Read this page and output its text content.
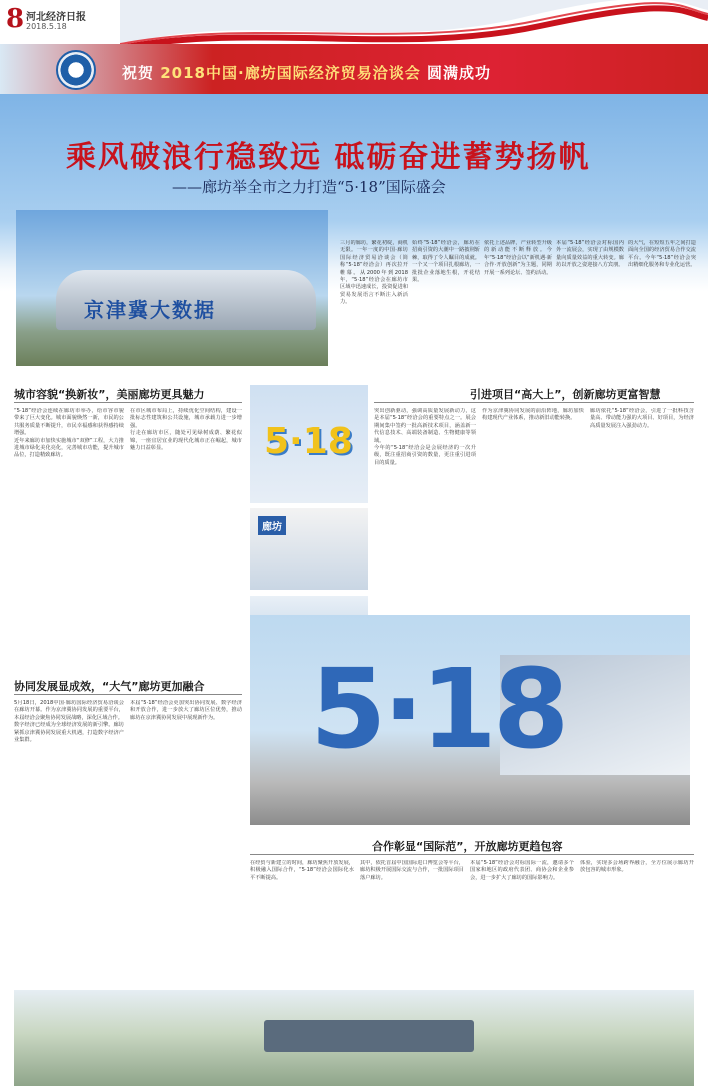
8 河北经济日报
2018.5.18
祝贺 2018中国·廊坊国际经济贸易洽谈会 圆满成功
乘风破浪行稳致远 砥砺奋进蓄势扬帆
——廊坊举全市之力打造“5·18”国际盛会
京津冀大数据
三月的廊坊，繁花初绽，商机无限。一年一度的中国·廊坊国际经济贸易洽谈会（简称“5·18”经洽会）再次拉开帷幕。从2000年到2018年，“5·18”经洽会在廊坊市区域中迅速成长，投资促进和贸易发展语言不断注入新活力。
始终“5·18”经洽会，廊坊在招商引资的大潮中一路披荆斩棘，取得了令人瞩目的成就。一个又一个项目扎根廊坊，一批批企业落地生根，开花结果。
依托上述品牌，产业转型升级的新动能不断释放。今年“5·18”经洽会以“新机遇·新合作·开放创新”为主题，同期开展一系列论坛、签约活动。
本届“5·18”经洽会对标国内外一流展会，实现了由规模数量向质量效益的重大转变。廊坊以开放之姿迎接八方宾朋。
的大气，在短短五年之间打造面向全国的经济贸易合作交流平台。今年“5·18”经洽会突出精细化服务和专业化运营。
城市容貌“换新妆”，美丽廊坊更具魅力

“5·18”经洽会连续在廊坊市举办，给市容市貌带来了巨大变化。城市面貌焕然一新，市民的公共服务质量不断提升，市民幸福感和获得感持续增强。

近年来廊坊市加快实施城市“双修”工程，大力推进城市绿化美化亮化，完善城市功能，提升城市品位，打造精致廊坊。

在市区城市布局上，持续优化空间结构，建设一批标志性建筑和公共设施，城市承载力进一步增强。

行走在廊坊市区，随处可见绿树成荫、繁花似锦，一座宜居宜业的现代化城市正在崛起，城市魅力日益彰显。

协同发展显成效，“大气”廊坊更加融合

5月18日，2018中国·廊坊国际经济贸易洽谈会在廊坊开幕。作为京津冀协同发展的重要平台，本届经洽会聚焦协同发展战略，深化区域合作。

数字经济已经成为全球经济发展的新引擎。廊坊紧抓京津冀协同发展重大机遇，打造数字经济产业集群。

本届“5·18”经洽会更加突出协同发展、数字经济和开放合作，进一步放大了廊坊区位优势，推动廊坊在京津冀协同发展中展现新作为。

5·18
廊坊
引进项目“高大上”，创新廊坊更富智慧

突出创新驱动，强调高质量发展新动力，这是本届“5·18”经洽会的重要特点之一。展会期间集中签约一批高新技术项目，涵盖新一代信息技术、高端装备制造、生物健康等领域。

今年的“5·18”经洽会是会展经济的一次升级，既注重招商引资的数量，更注重引进项目的质量。

作为京津冀协同发展的前沿阵地，廊坊加快构建现代产业体系，推动新旧动能转换。

廊坊依托“5·18”经洽会，引进了一批科技含量高、带动能力强的大项目、好项目，为经济高质量发展注入强劲动力。

5·18
合作彰显“国际范”，开放廊坊更趋包容

在经贸与新建立的时间，廊坊聚焦开放发展，积极融入国际合作，“5·18”经洽会国际化水平不断提高。

其中，依托首届中国国际进口博览会等平台，廊坊积极开展国际交流与合作，一批国际项目落户廊坊。

本届“5·18”经洽会对标国际一流，邀请多个国家和地区的政府代表团、商协会和企业参会，进一步扩大了廊坊的国际影响力。

体验，实现多会场跨界融合，全方位展示廊坊开放包容的城市形象。
